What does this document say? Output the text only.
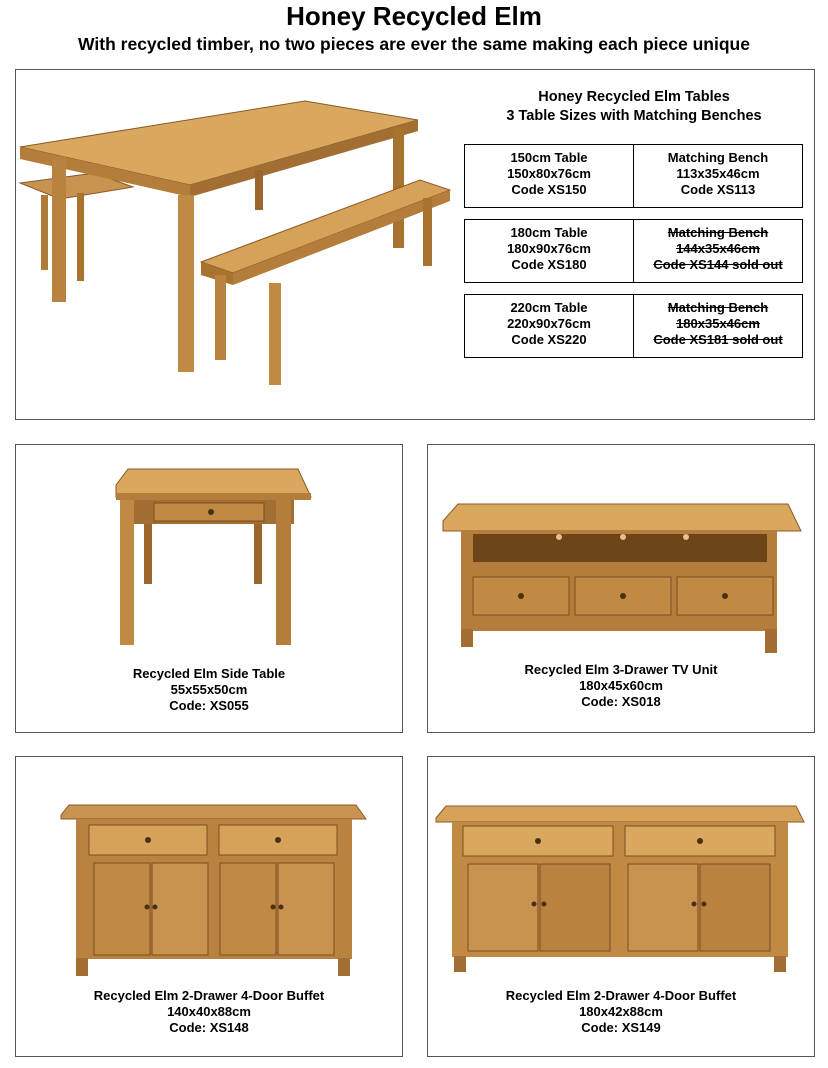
Honey Recycled Elm
With recycled timber, no two pieces are ever the same making each piece unique
Honey Recycled Elm Tables
3 Table Sizes with Matching Benches
150cm Table
150x80x76cm
Code XS150
Matching Bench
113x35x46cm
Code XS113
180cm Table
180x90x76cm
Code XS180
Matching Bench
144x35x46cm
Code XS144 sold out
220cm Table
220x90x76cm
Code XS220
Matching Bench
180x35x46cm
Code XS181 sold out
Recycled Elm Side Table
55x55x50cm
Code: XS055
Recycled Elm 3-Drawer TV Unit
180x45x60cm
Code: XS018
Recycled Elm 2-Drawer 4-Door Buffet
140x40x88cm
Code: XS148
Recycled Elm 2-Drawer 4-Door Buffet
180x42x88cm
Code: XS149
